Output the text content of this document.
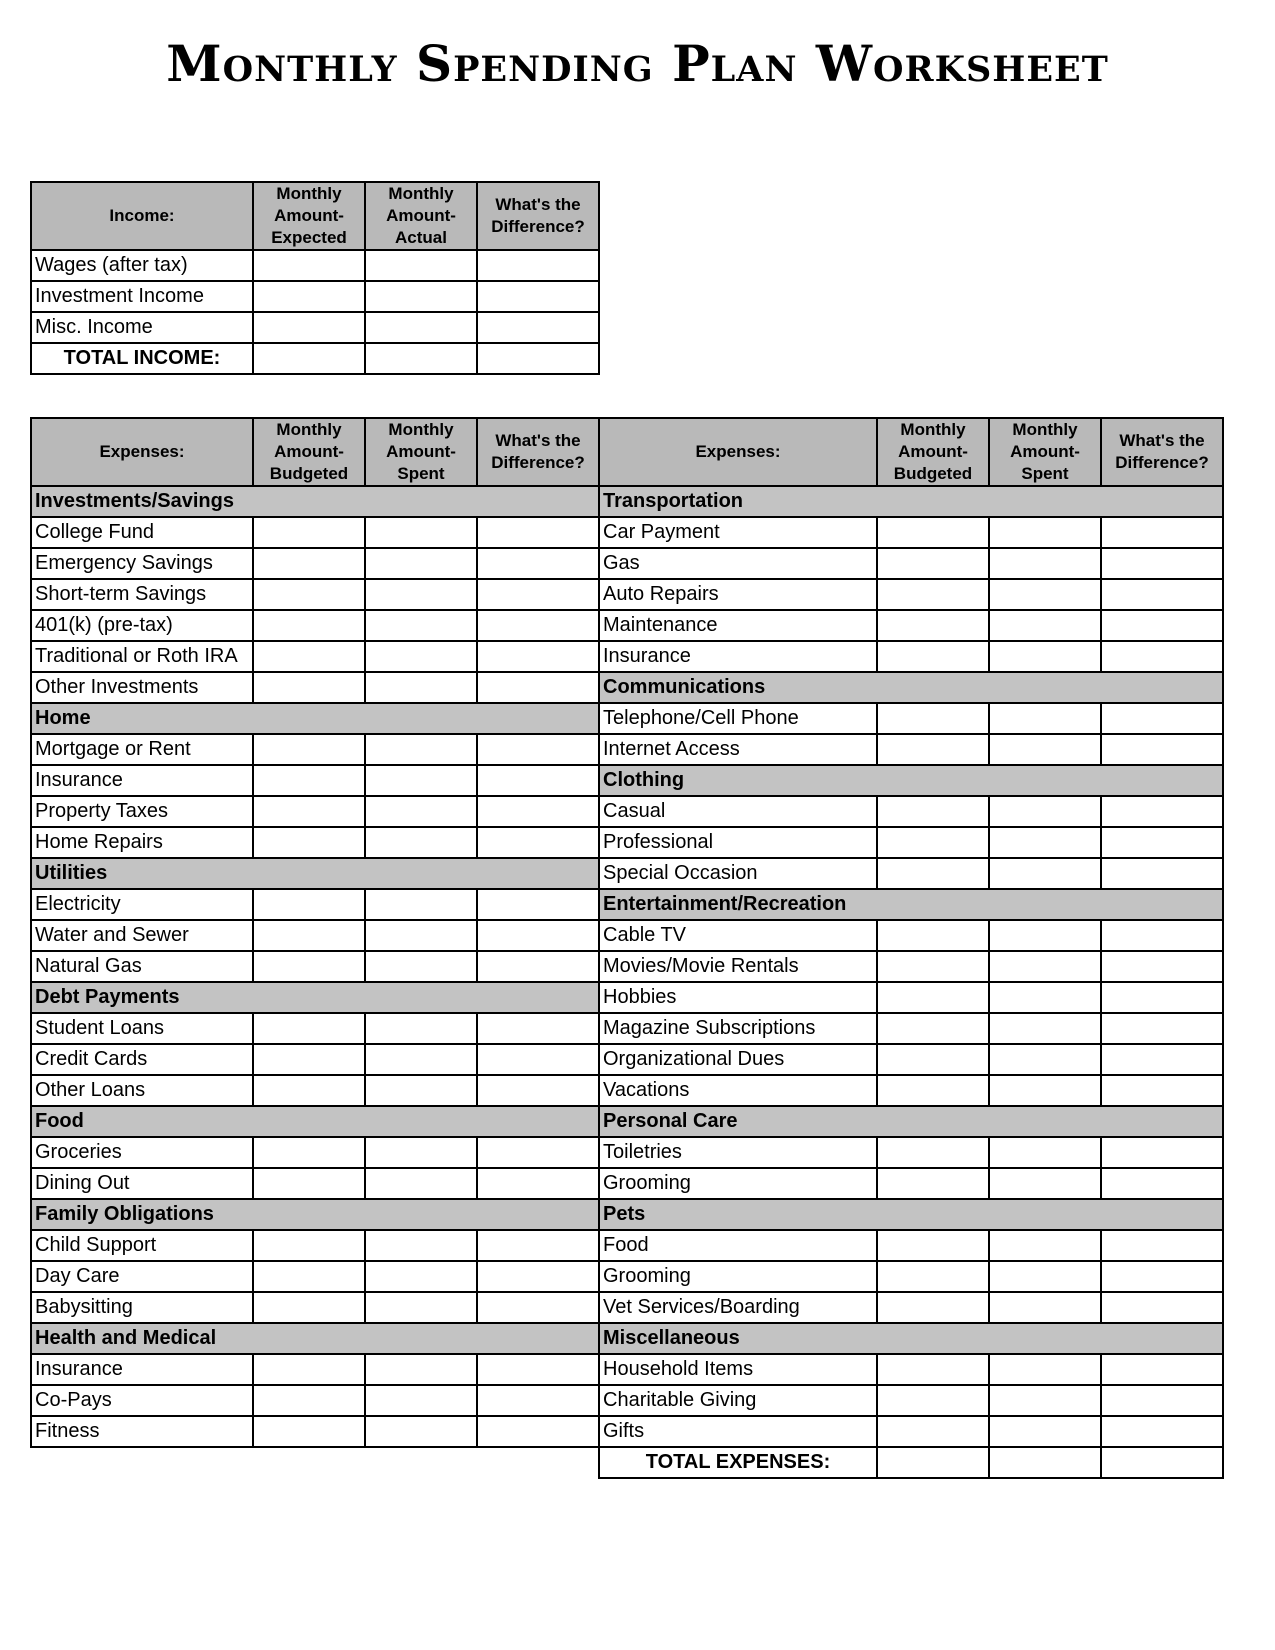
Monthly Spending Plan Worksheet
Income:	Monthly Amount-Expected	Monthly Amount-Actual	What's the Difference?
Wages (after tax)			
Investment Income			
Misc. Income			
TOTAL INCOME:			
Expenses:	Monthly Amount-Budgeted	Monthly Amount-Spent	What's the Difference?	Expenses:	Monthly Amount-Budgeted	Monthly Amount-Spent	What's the Difference?
Investments/Savings				Transportation			
College Fund				Car Payment			
Emergency Savings				Gas			
Short-term Savings				Auto Repairs			
401(k) (pre-tax)				Maintenance			
Traditional or Roth IRA				Insurance			
Other Investments				Communications			
Home				Telephone/Cell Phone			
Mortgage or Rent				Internet Access			
Insurance				Clothing			
Property Taxes				Casual			
Home Repairs				Professional			
Utilities				Special Occasion			
Electricity				Entertainment/Recreation			
Water and Sewer				Cable TV			
Natural Gas				Movies/Movie Rentals			
Debt Payments				Hobbies			
Student Loans				Magazine Subscriptions			
Credit Cards				Organizational Dues			
Other Loans				Vacations			
Food				Personal Care			
Groceries				Toiletries			
Dining Out				Grooming			
Family Obligations				Pets			
Child Support				Food			
Day Care				Grooming			
Babysitting				Vet Services/Boarding			
Health and Medical				Miscellaneous			
Insurance				Household Items			
Co-Pays				Charitable Giving			
Fitness				Gifts			
				TOTAL EXPENSES:			
